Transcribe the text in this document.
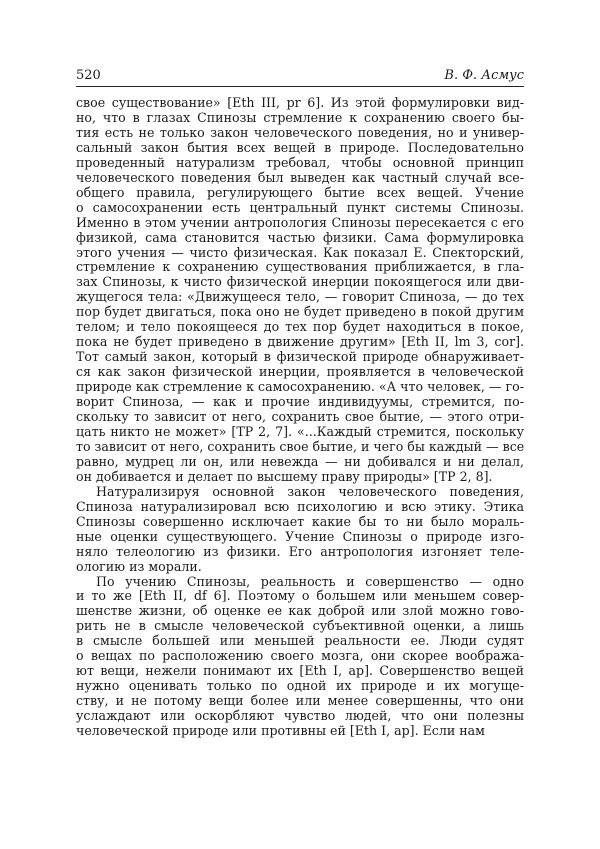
520	В. Ф. Асмус
свое существование» [Eth III, pr 6]. Из этой формулировки вид-
но, что в глазах Спинозы стремление к сохранению своего бы-
тия есть не только закон человеческого поведения, но и универ-
сальный закон бытия всех вещей в природе. Последовательно
проведенный натурализм требовал, чтобы основной принцип
человеческого поведения был выведен как частный случай все-
общего правила, регулирующего бытие всех вещей. Учение
о самосохранении есть центральный пункт системы Спинозы.
Именно в этом учении антропология Спинозы пересекается с его
физикой, сама становится частью физики. Сама формулировка
этого учения — чисто физическая. Как показал Е. Спекторский,
стремление к сохранению существования приближается, в гла-
зах Спинозы, к чисто физической инерции покоящегося или дви-
жущегося тела: «Движущееся тело, — говорит Спиноза, — до тех
пор будет двигаться, пока оно не будет приведено в покой другим
телом; и тело покоящееся до тех пор будет находиться в покое,
пока не будет приведено в движение другим» [Eth II, lm 3, cor].
Тот самый закон, который в физической природе обнаруживает-
ся как закон физической инерции, проявляется в человеческой
природе как стремление к самосохранению. «А что человек, — го-
ворит Спиноза, — как и прочие индивидуумы, стремится, по-
скольку то зависит от него, сохранить свое бытие, — этого отри-
цать никто не может» [TP 2, 7]. «...Каждый стремится, поскольку
то зависит от него, сохранить свое бытие, и чего бы каждый — все
равно, мудрец ли он, или невежда — ни добивался и ни делал,
он добивается и делает по высшему праву природы» [TP 2, 8].
Натурализируя основной закон человеческого поведения,
Спиноза натурализировал всю психологию и всю этику. Этика
Спинозы совершенно исключает какие бы то ни было мораль-
ные оценки существующего. Учение Спинозы о природе изго-
няло телеологию из физики. Его антропология изгоняет теле-
ологию из морали.
По учению Спинозы, реальность и совершенство — одно
и то же [Eth II, df 6]. Поэтому о большем или меньшем совер-
шенстве жизни, об оценке ее как доброй или злой можно гово-
рить не в смысле человеческой субъективной оценки, а лишь
в смысле большей или меньшей реальности ее. Люди судят
о вещах по расположению своего мозга, они скорее вообража-
ют вещи, нежели понимают их [Eth I, ap]. Совершенство вещей
нужно оценивать только по одной их природе и их могуще-
ству, и не потому вещи более или менее совершенны, что они
услаждают или оскорбляют чувство людей, что они полезны
человеческой природе или противны ей [Eth I, ap]. Если нам
